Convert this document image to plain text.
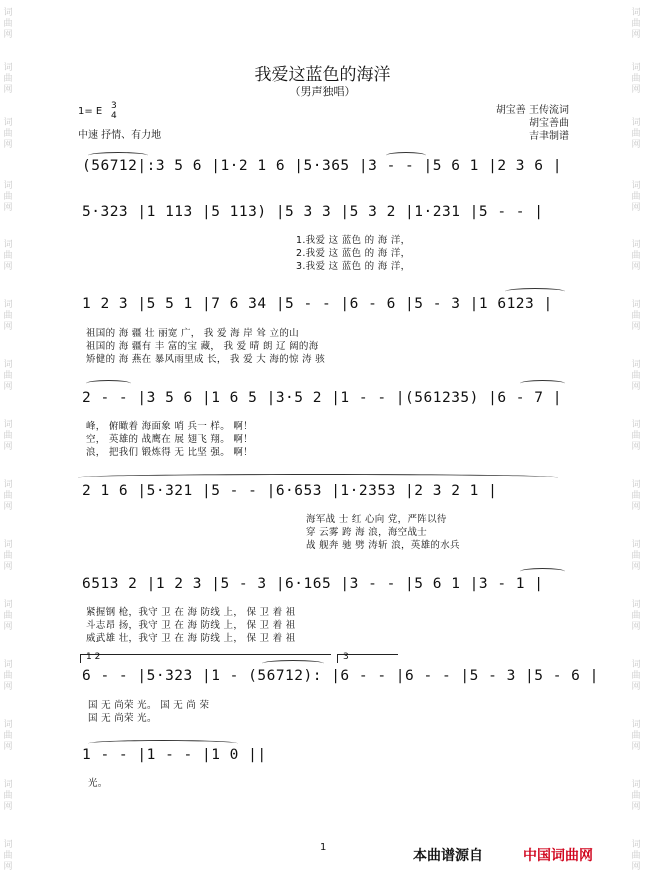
词曲网
词曲网
词曲网
词曲网
词曲网
词曲网
词曲网
词曲网
词曲网
词曲网
词曲网
词曲网
词曲网
词曲网
词曲网
词曲网
词曲网
词曲网
词曲网
词曲网
词曲网
词曲网
词曲网
词曲网
词曲网
词曲网
词曲网
词曲网
词曲网
词曲网
我爱这蓝色的海洋
（男声独唱）
1= E 3
4
中速 抒情、有力地
胡宝善 王传流词
胡宝善曲
吉聿制谱
(56712|:3 5 6 |1·2 1 6 |5·365 |3 - - |5 6 1 |2 3 6 |
5·323 |1 113 |5 113) |5 3 3 |5 3 2 |1·231 |5 - - |
1.我爱 这 蓝色 的 海 洋，
2.我爱 这 蓝色 的 海 洋，
3.我爱 这 蓝色 的 海 洋，
1 2 3 |5 5 1 |7 6 34 |5 - - |6 - 6 |5 - 3 |1 6123 |
祖国的 海 疆 壮 丽宽 广， 我 爱 海 岸 耸 立的山
祖国的 海 疆有 丰 富的宝 藏， 我 爱 晴 朗 辽 阔的海
矫健的 海 燕在 暴风雨里成 长， 我 爱 大 海的惊 涛 骇
2 - - |3 5 6 |1 6 5 |3·5 2 |1 - - |(561235) |6 - 7 |
峰， 俯瞰着 海面象 哨 兵一 样。 啊！
空， 英雄的 战鹰在 展 翅飞 翔。 啊！
浪， 把我们 锻炼得 无 比坚 强。 啊！
2 1 6 |5·321 |5 - - |6·653 |1·2353 |2 3 2 1 |
海军战 士 红 心向 党，严阵以待
穿 云雾 跨 海 浪，海空战士
战 舰奔 驰 劈 涛斩 浪，英雄的水兵
6513 2 |1 2 3 |5 - 3 |6·165 |3 - - |5 6 1 |3 - 1 |
紧握钢 枪，我守 卫 在 海 防线 上， 保 卫 着 祖
斗志昂 扬，我守 卫 在 海 防线 上， 保 卫 着 祖
威武雄 壮，我守 卫 在 海 防线 上， 保 卫 着 祖
1 2	3
6 - - |5·323 |1 - (56712): |6 - - |6 - - |5 - 3 |5 - 6 |
国 无 尚荣 光。 国 无 尚 荣
国 无 尚荣 光。
1 - - |1 - - |1 0 ||
光。
1
本曲谱源自	中国词曲网
